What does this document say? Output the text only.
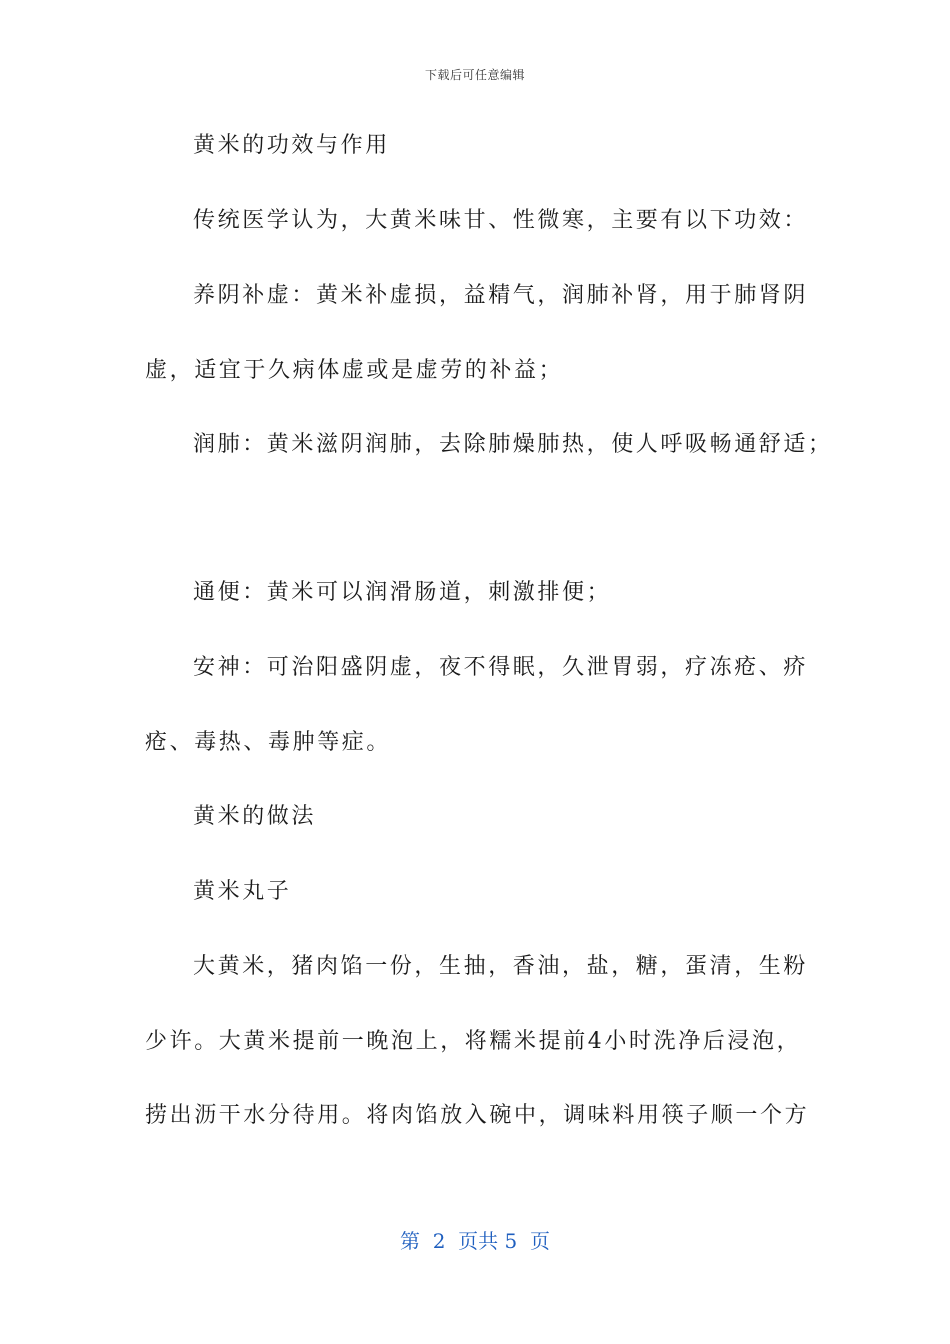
下载后可任意编辑
黄米的功效与作用
传统医学认为，大黄米味甘、性微寒，主要有以下功效：
养阴补虚：黄米补虚损，益精气，润肺补肾，用于肺肾阴
虚，适宜于久病体虚或是虚劳的补益；
润肺：黄米滋阴润肺，去除肺燥肺热，使人呼吸畅通舒适；
通便：黄米可以润滑肠道，刺激排便；
安神：可治阳盛阴虚，夜不得眠，久泄胃弱，疗冻疮、疥
疮、毒热、毒肿等症。
黄米的做法
黄米丸子
大黄米，猪肉馅一份，生抽，香油，盐，糖，蛋清，生粉
少许。大黄米提前一晚泡上，将糯米提前4小时洗净后浸泡，
捞出沥干水分待用。将肉馅放入碗中，调味料用筷子顺一个方
第  2  页共 5  页
